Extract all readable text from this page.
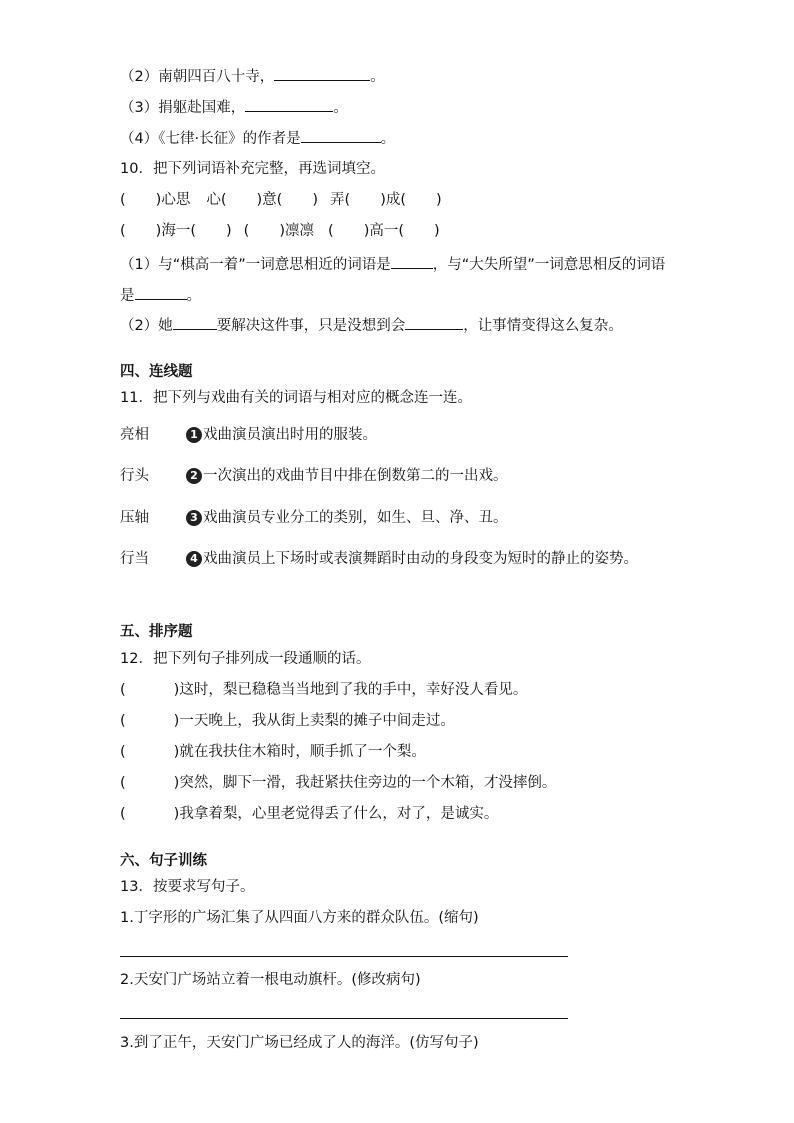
（2）南朝四百八十寺，	。
（3）捐躯赴国难，	。
（4）《七律·长征》的作者是	。
10．把下列词语补充完整，再选词填空。
( )心思 心( )意( ) 弄( )成( )
( )海一( ) ( )凛凛 ( )高一( )
（1）与“棋高一着”一词意思相近的词语是	，与“大失所望”一词意思相反的词语
是	。
（2）她	要解决这件事，只是没想到会	，让事情变得这么复杂。
四、连线题
11．把下列与戏曲有关的词语与相对应的概念连一连。
亮相	1 戏曲演员演出时用的服装。
行头	2 一次演出的戏曲节目中排在倒数第二的一出戏。
压轴	3 戏曲演员专业分工的类别，如生、旦、净、丑。
行当	4 戏曲演员上下场时或表演舞蹈时由动的身段变为短时的静止的姿势。
五、排序题
12．把下列句子排列成一段通顺的话。
(	)这时，梨已稳稳当当地到了我的手中，幸好没人看见。
(	)一天晚上，我从街上卖梨的摊子中间走过。
(	)就在我扶住木箱时，顺手抓了一个梨。
(	)突然，脚下一滑，我赶紧扶住旁边的一个木箱，才没摔倒。
(	)我拿着梨，心里老觉得丢了什么，对了，是诚实。
六、句子训练
13．按要求写句子。
1.丁字形的广场汇集了从四面八方来的群众队伍。(缩句)
2.天安门广场站立着一根电动旗杆。(修改病句)
3.到了正午，天安门广场已经成了人的海洋。(仿写句子)
